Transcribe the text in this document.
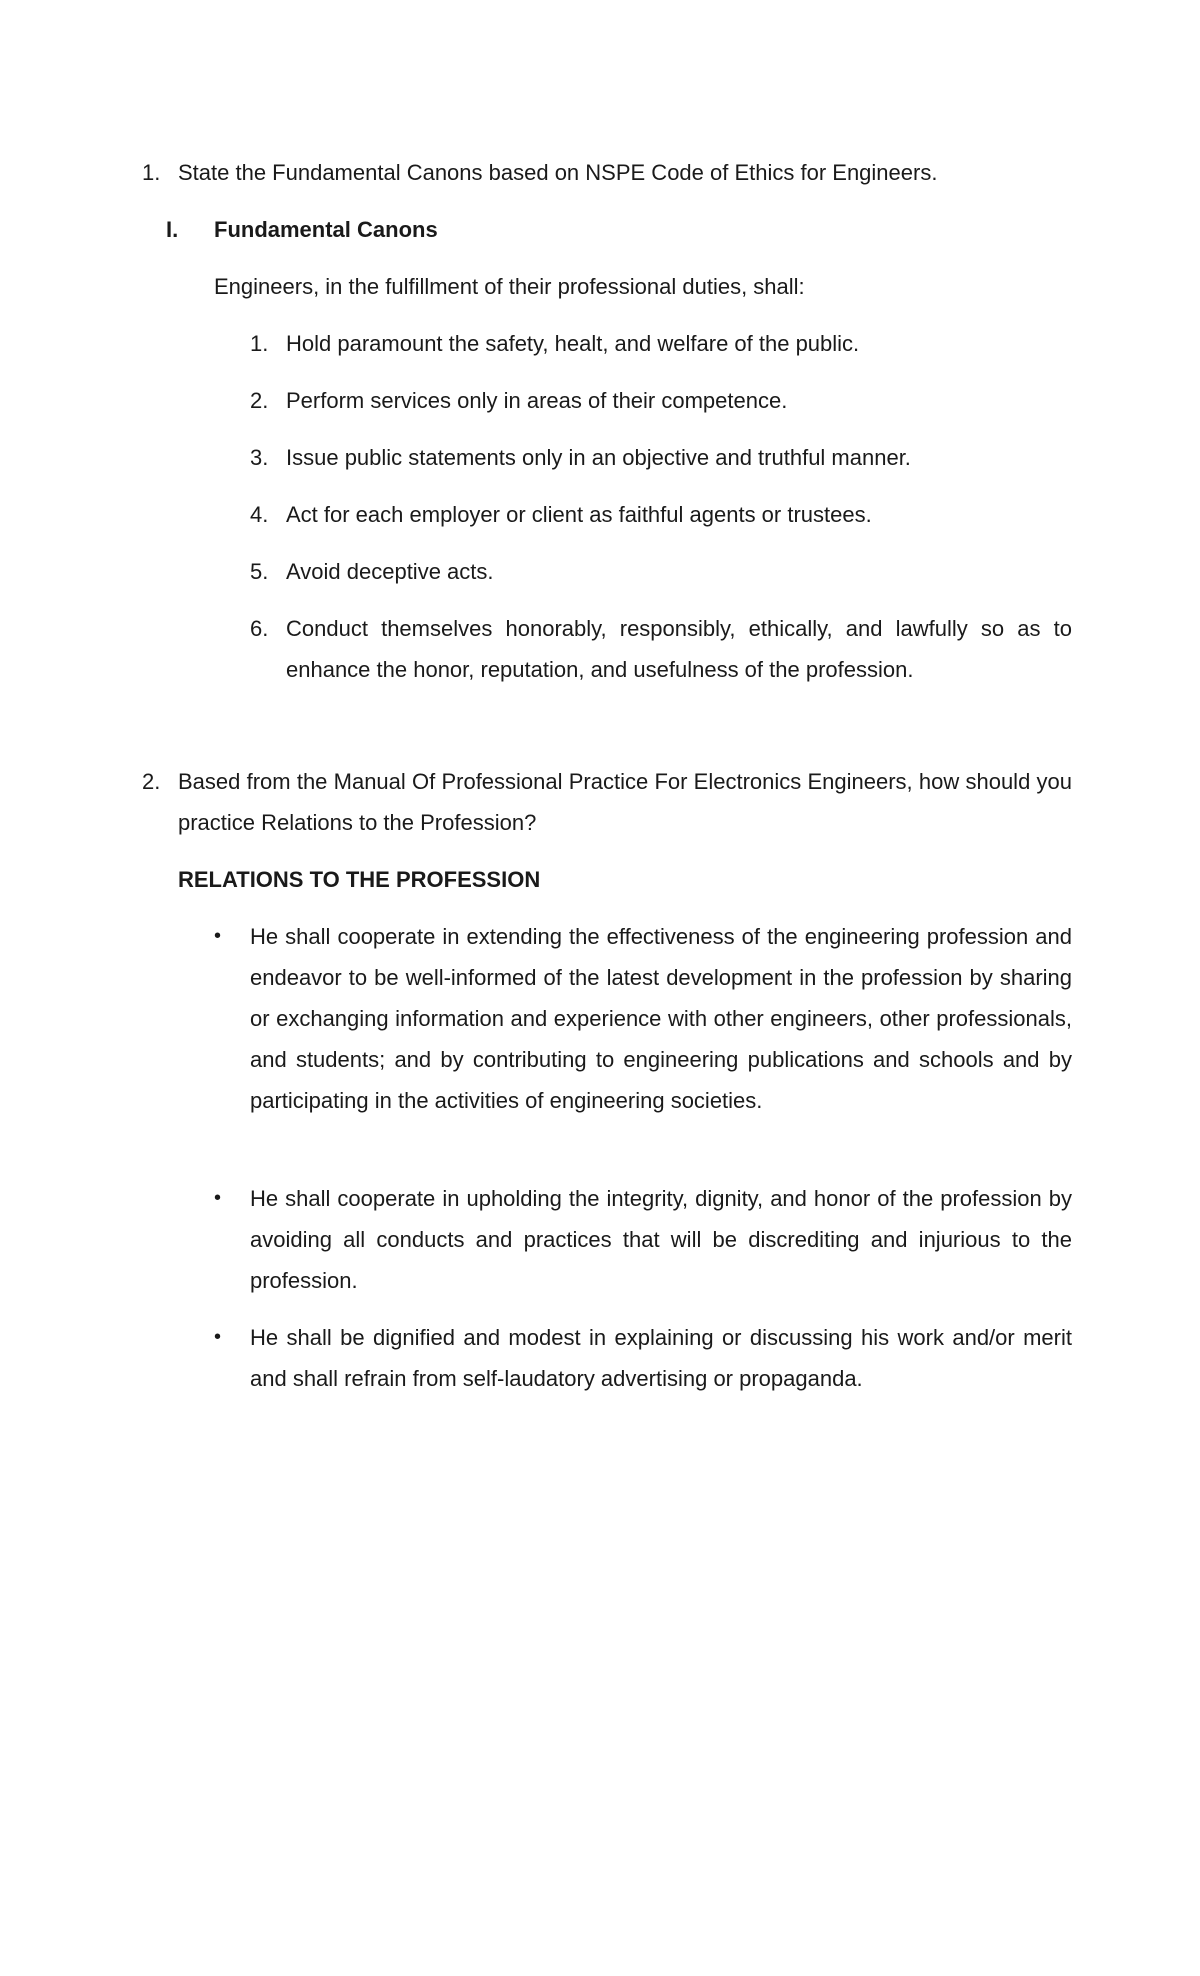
1. State the Fundamental Canons based on NSPE Code of Ethics for Engineers.
I. Fundamental Canons
Engineers, in the fulfillment of their professional duties, shall:
1. Hold paramount the safety, healt, and welfare of the public.
2. Perform services only in areas of their competence.
3. Issue public statements only in an objective and truthful manner.
4. Act for each employer or client as faithful agents or trustees.
5. Avoid deceptive acts.
6. Conduct themselves honorably, responsibly, ethically, and lawfully so as to enhance the honor, reputation, and usefulness of the profession.
2. Based from the Manual Of Professional Practice For Electronics Engineers, how should you practice Relations to the Profession?
RELATIONS TO THE PROFESSION
• He shall cooperate in extending the effectiveness of the engineering profession and endeavor to be well-informed of the latest development in the profession by sharing or exchanging information and experience with other engineers, other professionals, and students; and by contributing to engineering publications and schools and by participating in the activities of engineering societies.
• He shall cooperate in upholding the integrity, dignity, and honor of the profession by avoiding all conducts and practices that will be discrediting and injurious to the profession.
• He shall be dignified and modest in explaining or discussing his work and/or merit and shall refrain from self-laudatory advertising or propaganda.
